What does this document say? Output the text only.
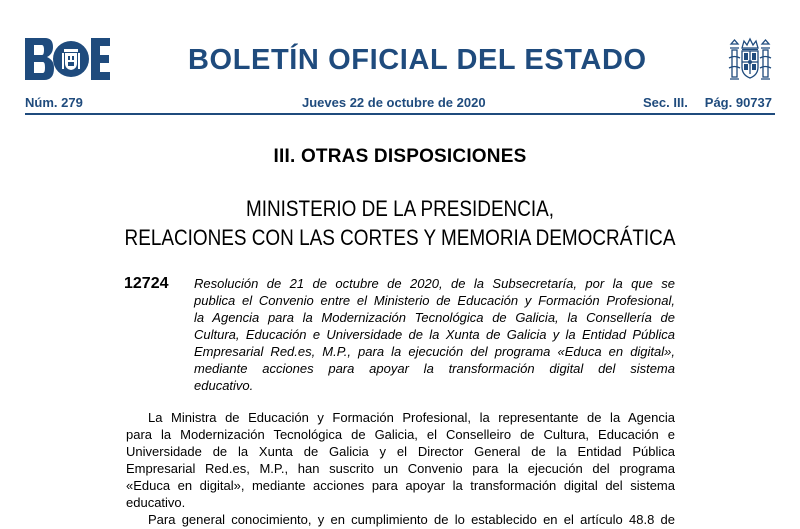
BOLETÍN OFICIAL DEL ESTADO
Núm. 279	Jueves 22 de octubre de 2020	Sec. III. Pág. 90737
III. OTRAS DISPOSICIONES
MINISTERIO DE LA PRESIDENCIA,
RELACIONES CON LAS CORTES Y MEMORIA DEMOCRÁTICA
12724 Resolución de 21 de octubre de 2020, de la Subsecretaría, por la que se
publica el Convenio entre el Ministerio de Educación y Formación Profesional,
la Agencia para la Modernización Tecnológica de Galicia, la Consellería de
Cultura, Educación e Universidade de la Xunta de Galicia y la Entidad Pública
Empresarial Red.es, M.P., para la ejecución del programa «Educa en digital»,
mediante acciones para apoyar la transformación digital del sistema
educativo.
La Ministra de Educación y Formación Profesional, la representante de la Agencia
para la Modernización Tecnológica de Galicia, el Conselleiro de Cultura, Educación e
Universidade de la Xunta de Galicia y el Director General de la Entidad Pública
Empresarial Red.es, M.P., han suscrito un Convenio para la ejecución del programa
«Educa en digital», mediante acciones para apoyar la transformación digital del sistema
educativo.
Para general conocimiento, y en cumplimiento de lo establecido en el artículo 48.8 de
